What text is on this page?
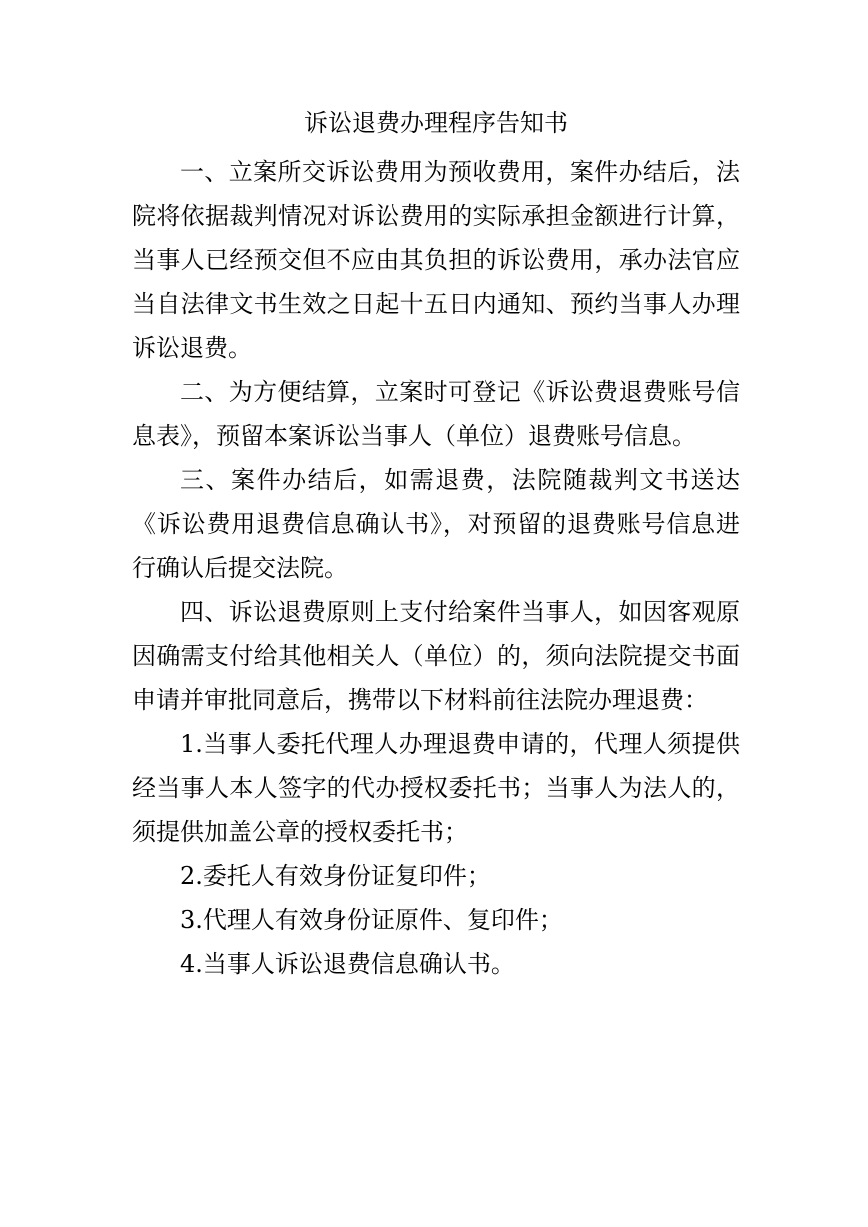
诉讼退费办理程序告知书

一、立案所交诉讼费用为预收费用，案件办结后，法院将依据裁判情况对诉讼费用的实际承担金额进行计算，当事人已经预交但不应由其负担的诉讼费用，承办法官应当自法律文书生效之日起十五日内通知、预约当事人办理诉讼退费。

二、为方便结算，立案时可登记《诉讼费退费账号信息表》，预留本案诉讼当事人（单位）退费账号信息。

三、案件办结后，如需退费，法院随裁判文书送达《诉讼费用退费信息确认书》，对预留的退费账号信息进行确认后提交法院。

四、诉讼退费原则上支付给案件当事人，如因客观原因确需支付给其他相关人（单位）的，须向法院提交书面申请并审批同意后，携带以下材料前往法院办理退费：

1.当事人委托代理人办理退费申请的，代理人须提供经当事人本人签字的代办授权委托书；当事人为法人的，须提供加盖公章的授权委托书；

2.委托人有效身份证复印件；

3.代理人有效身份证原件、复印件；

4.当事人诉讼退费信息确认书。
